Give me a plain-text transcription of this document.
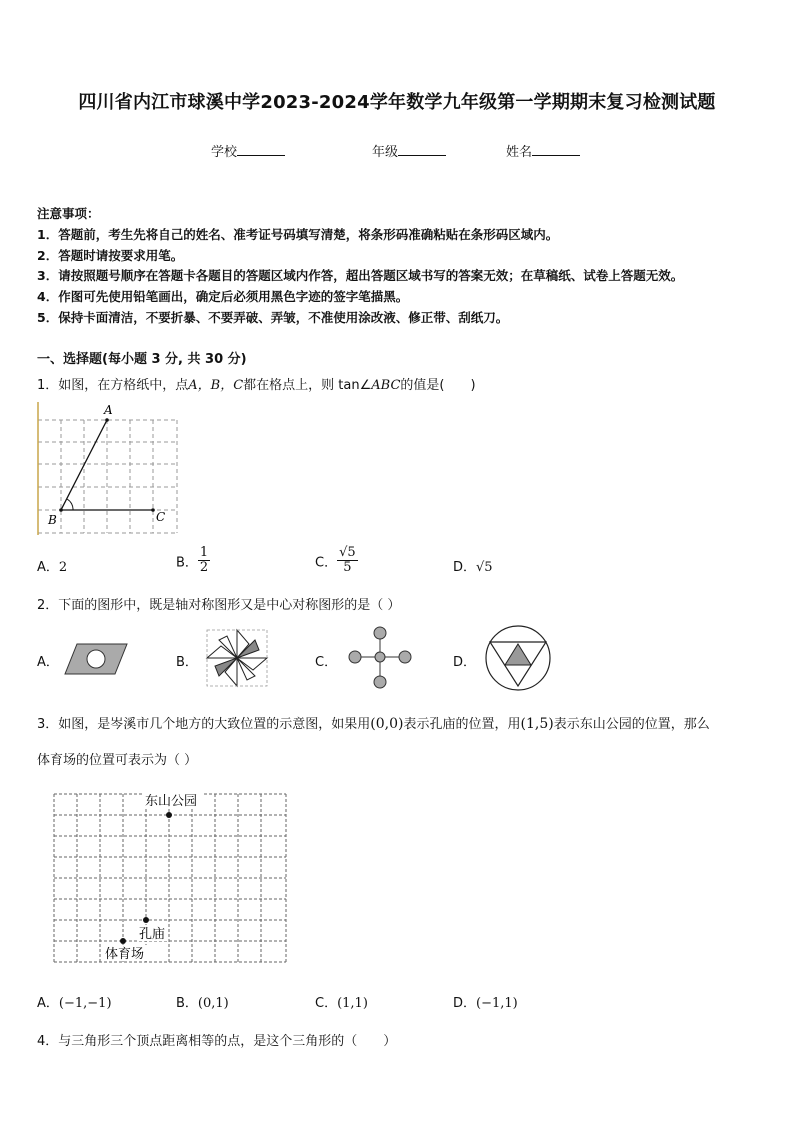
四川省内江市球溪中学2023-2024学年数学九年级第一学期期末复习检测试题
学校	年级	姓名
注意事项：
1．答题前，考生先将自己的姓名、准考证号码填写清楚，将条形码准确粘贴在条形码区域内。
2．答题时请按要求用笔。
3．请按照题号顺序在答题卡各题目的答题区域内作答，超出答题区域书写的答案无效；在草稿纸、试卷上答题无效。
4．作图可先使用铅笔画出，确定后必须用黑色字迹的签字笔描黑。
5．保持卡面清洁，不要折暴、不要弄破、弄皱，不准使用涂改液、修正带、刮纸刀。
一、选择题(每小题 3 分, 共 30 分)
1．如图，在方格纸中，点A，B，C都在格点上，则 tan∠ABC的值是(　　)
A
B	C
A．2	B． $\frac{1}{2}$	C． $\frac{√5}{5}$	D．√5
2．下面的图形中，既是轴对称图形又是中心对称图形的是（ ）
A．	B．	C．	D．
3．如图，是岑溪市几个地方的大致位置的示意图，如果用(0,0)表示孔庙的位置，用(1,5)表示东山公园的位置，那么
体育场的位置可表示为（ ）
东山公园
孔庙
体育场
A．(−1,−1)	B．(0,1)	C．(1,1)	D．(−1,1)
4．与三角形三个顶点距离相等的点，是这个三角形的（　　）
